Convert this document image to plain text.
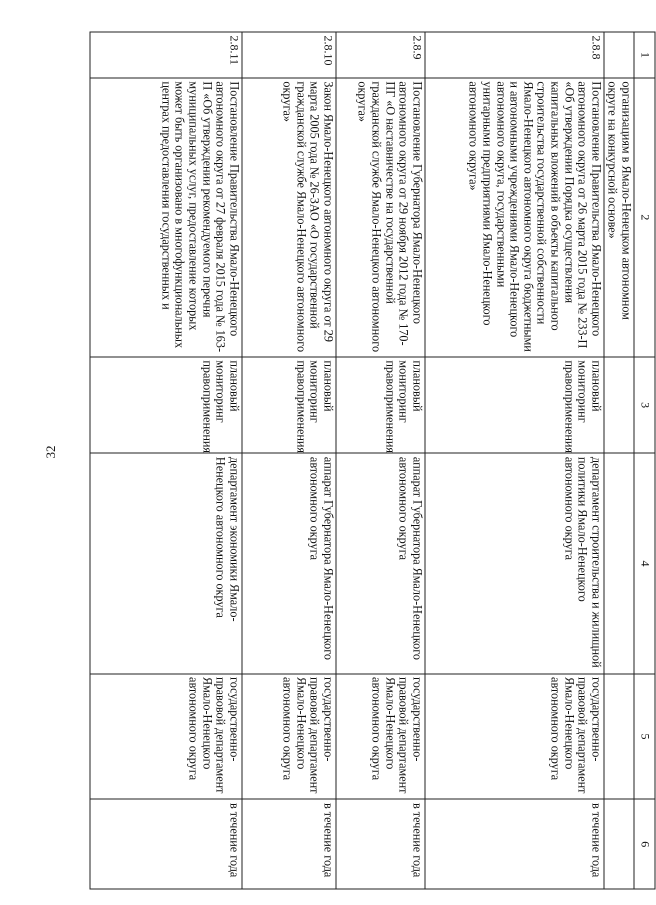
32
1	2	3	4	5	6
	организациям в Ямало-Ненецком автономном округе на конкурсной основе»				
2.8.8	Постановление Правительства Ямало-Ненецкого автономного округа от 26 марта 2015 года № 233-П «Об утверждении Порядка осуществления капитальных вложений в объекты капитального строительства государственной собственности Ямало-Ненецкого автономного округа бюджетными и автономными учреждениями Ямало-Ненецкого автономного округа, государственными унитарными предприятиями Ямало-Ненецкого автономного округа»	плановый мониторинг правоприменения	департамент строительства и жилищной политики Ямало-Ненецкого автономного округа	государственно-правовой департамент Ямало-Ненецкого автономного округа	в течение года
2.8.9	Постановление Губернатора Ямало-Ненецкого автономного округа от 29 ноября 2012 года № 170-ПГ «О наставничестве на государственной гражданской службе Ямало-Ненецкого автономного округа»	плановый мониторинг правоприменения	аппарат Губернатора Ямало-Ненецкого автономного округа	государственно-правовой департамент Ямало-Ненецкого автономного округа	в течение года
2.8.10	Закон Ямало-Ненецкого автономного округа от 29 марта 2005 года № 26-ЗАО «О государственной гражданской службе Ямало-Ненецкого автономного округа»	плановый мониторинг правоприменения	аппарат Губернатора Ямало-Ненецкого автономного округа	государственно-правовой департамент Ямало-Ненецкого автономного округа	в течение года
2.8.11	Постановление Правительства Ямало-Ненецкого автономного округа от 27 февраля 2015 года № 163-П «Об утверждении рекомендуемого перечня муниципальных услуг, предоставление которых может быть организовано в многофункциональных центрах предоставления государственных и	плановый мониторинг правоприменения	департамент экономики Ямало-Ненецкого автономного округа	государственно-правовой департамент Ямало-Ненецкого автономного округа	в течение года
